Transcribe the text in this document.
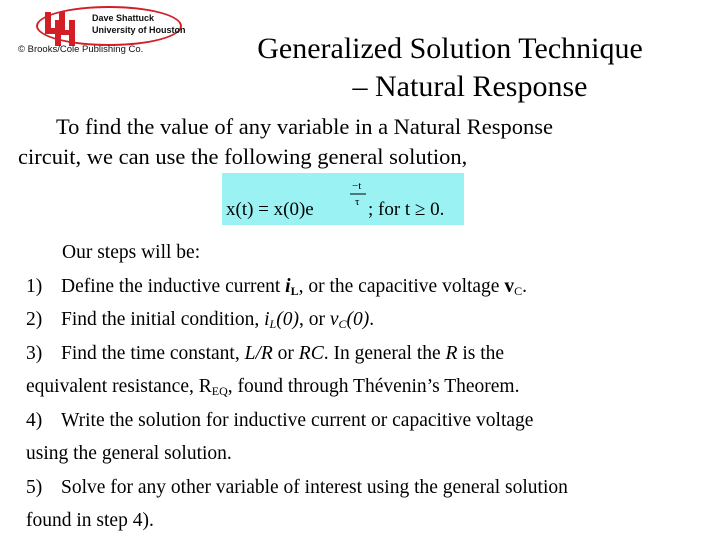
Dave Shattuck
University of Houston
© Brooks/Cole Publishing Co.	Generalized Solution Technique
– Natural Response
To find the value of any variable in a Natural Response
circuit, we can use the following general solution,
x(t) = x(0)e
−t
τ ; for t ≥ 0.
Our steps will be:
1) Define the inductive current $i_L$, or the capacitive voltage $v_C$.
2) Find the initial condition, $i_L(0)$, or $v_C(0)$.
3) Find the time constant, L/R or RC. In general the R is the
equivalent resistance, $R_{EQ}$, found through Thévenin’s Theorem.
4) Write the solution for inductive current or capacitive voltage
using the general solution.
5) Solve for any other variable of interest using the general solution
found in step 4).
